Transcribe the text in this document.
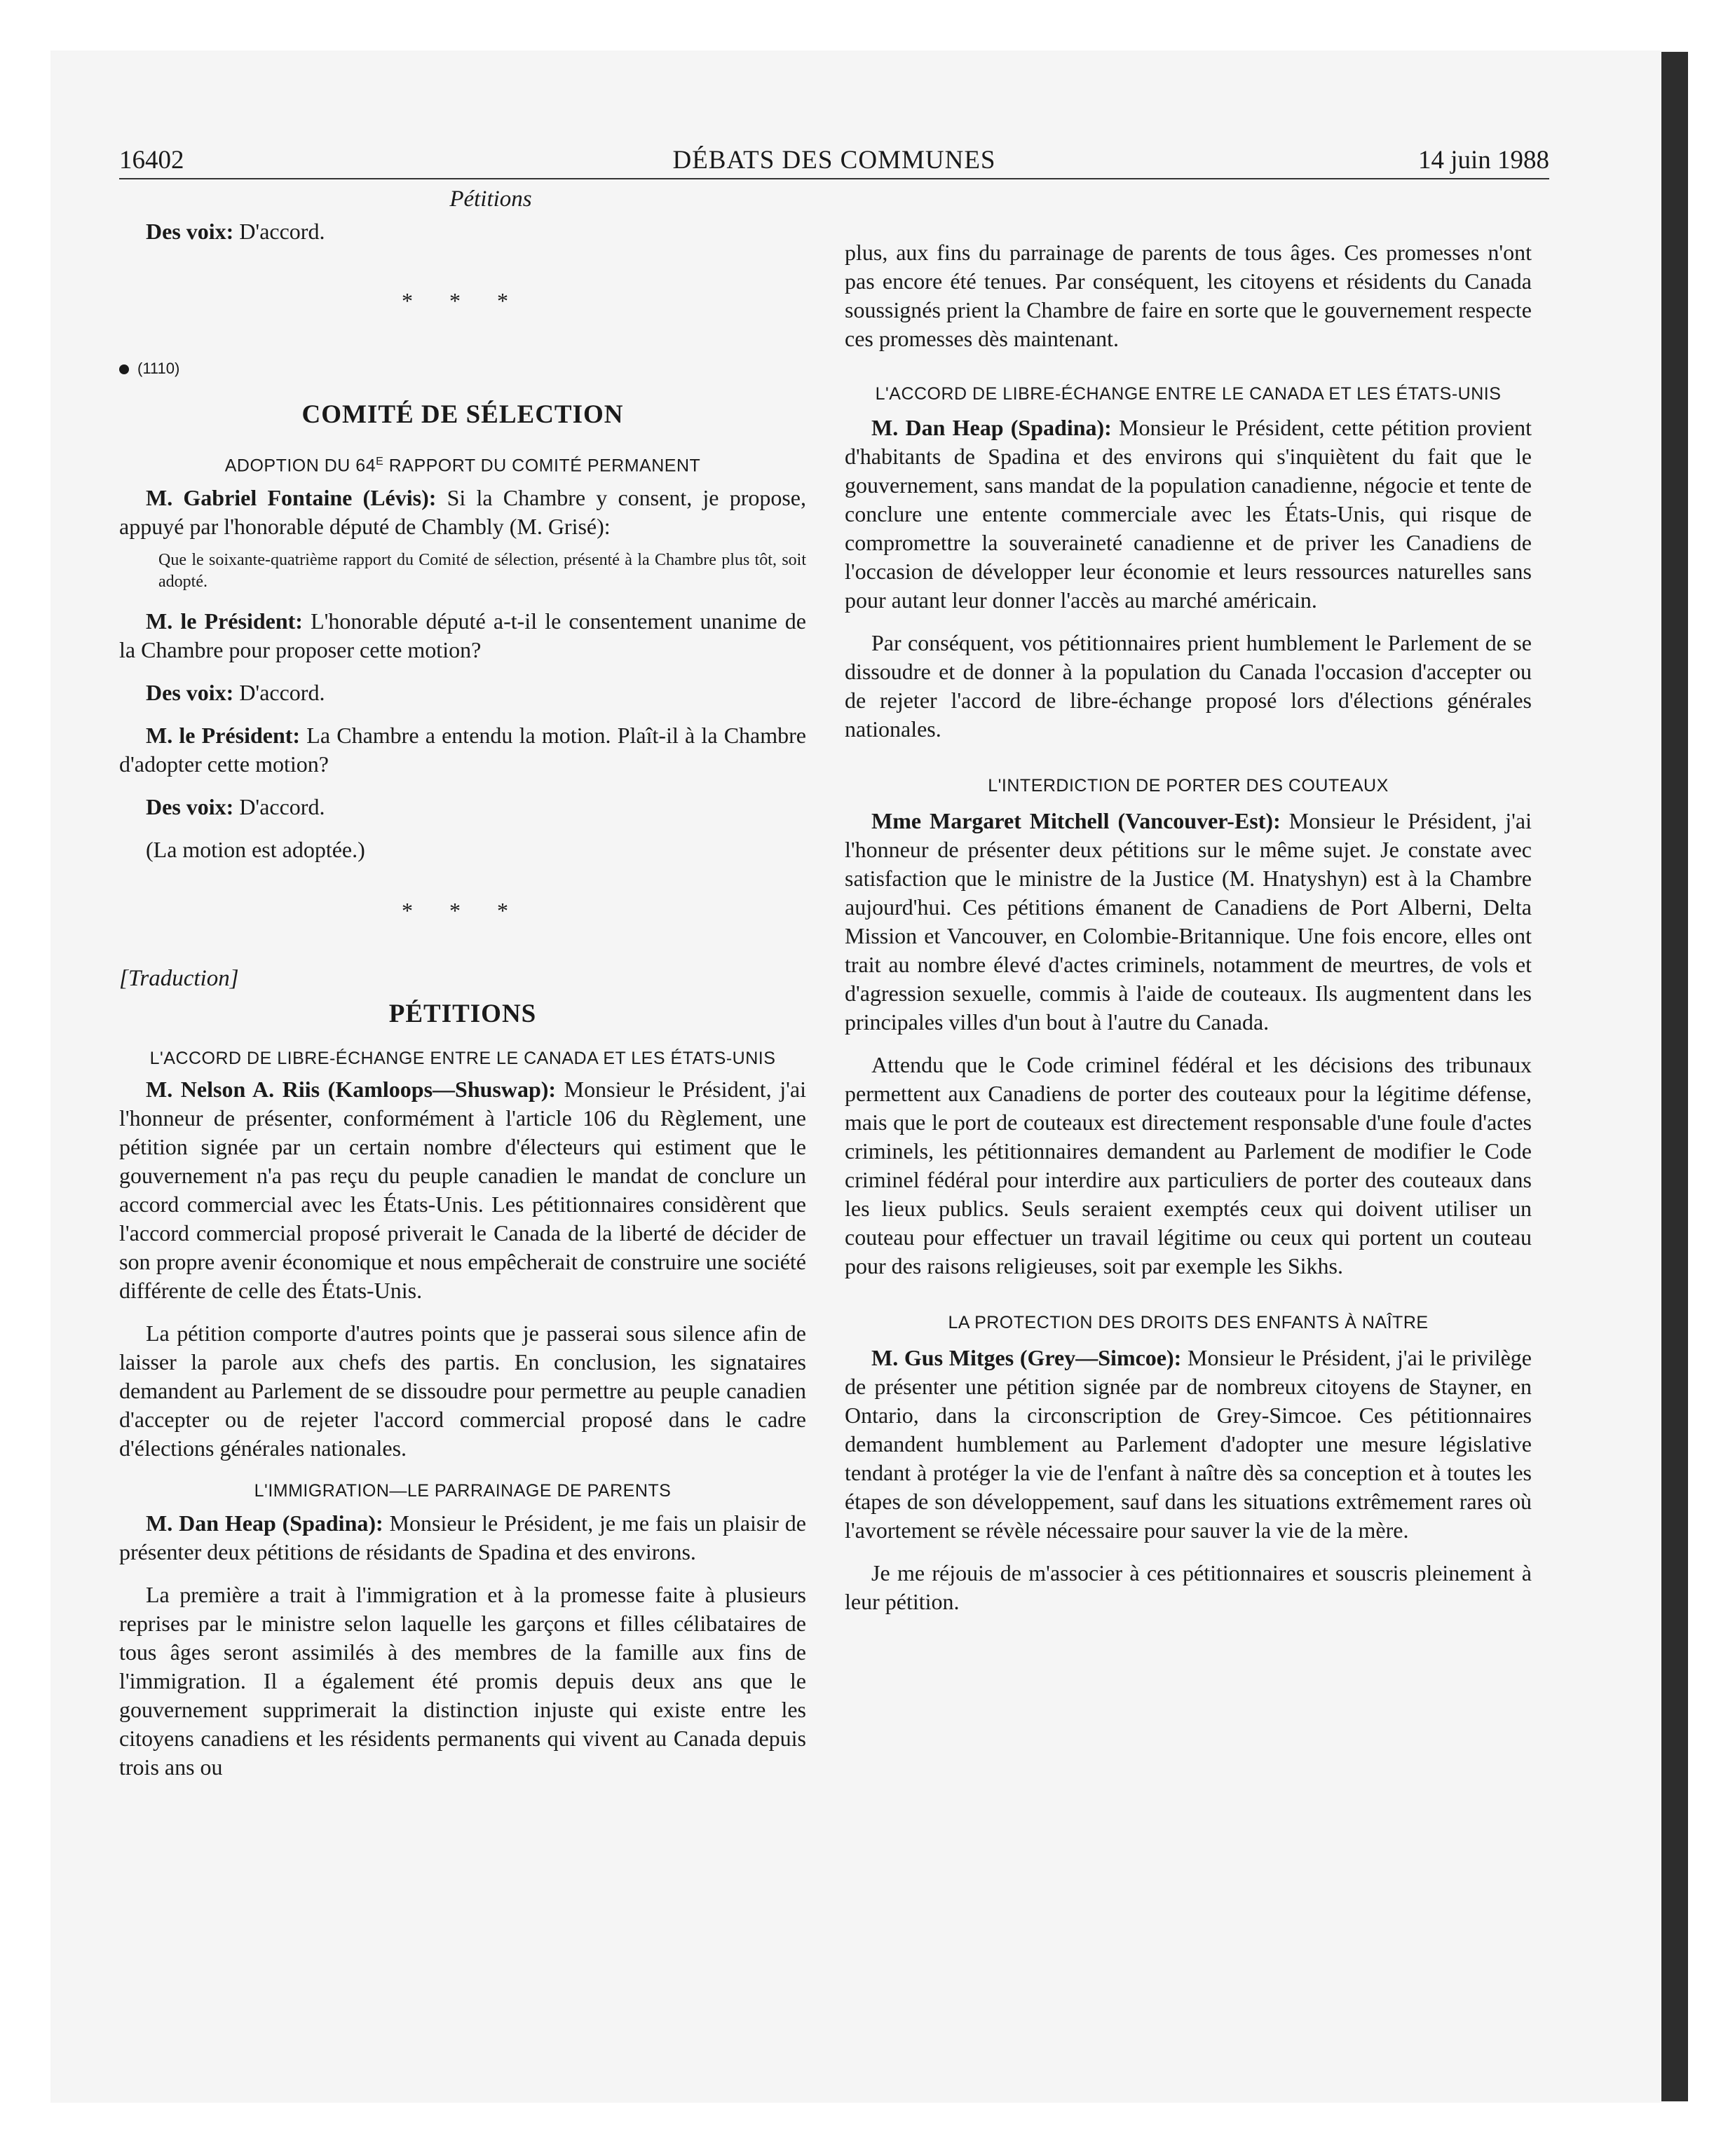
16402	DÉBATS DES COMMUNES	14 juin 1988
Pétitions

Des voix: D'accord.

* * *
(1110)
COMITÉ DE SÉLECTION
ADOPTION DU $64^E$ RAPPORT DU COMITÉ PERMANENT

M. Gabriel Fontaine (Lévis): Si la Chambre y consent, je propose, appuyé par l'honorable député de Chambly (M. Grisé):

Que le soixante-quatrième rapport du Comité de sélection, présenté à la Chambre plus tôt, soit adopté.

M. le Président: L'honorable député a-t-il le consentement unanime de la Chambre pour proposer cette motion?

Des voix: D'accord.

M. le Président: La Chambre a entendu la motion. Plaît-il à la Chambre d'adopter cette motion?

Des voix: D'accord.

(La motion est adoptée.)

* * *
[Traduction]
PÉTITIONS
L'ACCORD DE LIBRE-ÉCHANGE ENTRE LE CANADA ET LES ÉTATS-UNIS

M. Nelson A. Riis (Kamloops—Shuswap): Monsieur le Président, j'ai l'honneur de présenter, conformément à l'article 106 du Règlement, une pétition signée par un certain nombre d'électeurs qui estiment que le gouvernement n'a pas reçu du peuple canadien le mandat de conclure un accord commercial avec les États-Unis. Les pétitionnaires considèrent que l'accord commercial proposé priverait le Canada de la liberté de décider de son propre avenir économique et nous empêcherait de construire une société différente de celle des États-Unis.

La pétition comporte d'autres points que je passerai sous silence afin de laisser la parole aux chefs des partis. En conclusion, les signataires demandent au Parlement de se dissoudre pour permettre au peuple canadien d'accepter ou de rejeter l'accord commercial proposé dans le cadre d'élections générales nationales.

L'IMMIGRATION—LE PARRAINAGE DE PARENTS

M. Dan Heap (Spadina): Monsieur le Président, je me fais un plaisir de présenter deux pétitions de résidants de Spadina et des environs.

La première a trait à l'immigration et à la promesse faite à plusieurs reprises par le ministre selon laquelle les garçons et filles célibataires de tous âges seront assimilés à des membres de la famille aux fins de l'immigration. Il a également été promis depuis deux ans que le gouvernement supprimerait la distinction injuste qui existe entre les citoyens canadiens et les résidents permanents qui vivent au Canada depuis trois ans ou

plus, aux fins du parrainage de parents de tous âges. Ces promesses n'ont pas encore été tenues. Par conséquent, les citoyens et résidents du Canada soussignés prient la Chambre de faire en sorte que le gouvernement respecte ces promesses dès maintenant.

L'ACCORD DE LIBRE-ÉCHANGE ENTRE LE CANADA ET LES ÉTATS-UNIS

M. Dan Heap (Spadina): Monsieur le Président, cette pétition provient d'habitants de Spadina et des environs qui s'inquiètent du fait que le gouvernement, sans mandat de la population canadienne, négocie et tente de conclure une entente commerciale avec les États-Unis, qui risque de compromettre la souveraineté canadienne et de priver les Canadiens de l'occasion de développer leur économie et leurs ressources naturelles sans pour autant leur donner l'accès au marché américain.

Par conséquent, vos pétitionnaires prient humblement le Parlement de se dissoudre et de donner à la population du Canada l'occasion d'accepter ou de rejeter l'accord de libre-échange proposé lors d'élections générales nationales.

L'INTERDICTION DE PORTER DES COUTEAUX

Mme Margaret Mitchell (Vancouver-Est): Monsieur le Président, j'ai l'honneur de présenter deux pétitions sur le même sujet. Je constate avec satisfaction que le ministre de la Justice (M. Hnatyshyn) est à la Chambre aujourd'hui. Ces pétitions émanent de Canadiens de Port Alberni, Delta Mission et Vancouver, en Colombie-Britannique. Une fois encore, elles ont trait au nombre élevé d'actes criminels, notamment de meurtres, de vols et d'agression sexuelle, commis à l'aide de couteaux. Ils augmentent dans les principales villes d'un bout à l'autre du Canada.

Attendu que le Code criminel fédéral et les décisions des tribunaux permettent aux Canadiens de porter des couteaux pour la légitime défense, mais que le port de couteaux est directement responsable d'une foule d'actes criminels, les pétitionnaires demandent au Parlement de modifier le Code criminel fédéral pour interdire aux particuliers de porter des couteaux dans les lieux publics. Seuls seraient exemptés ceux qui doivent utiliser un couteau pour effectuer un travail légitime ou ceux qui portent un couteau pour des raisons religieuses, soit par exemple les Sikhs.

LA PROTECTION DES DROITS DES ENFANTS À NAÎTRE

M. Gus Mitges (Grey—Simcoe): Monsieur le Président, j'ai le privilège de présenter une pétition signée par de nombreux citoyens de Stayner, en Ontario, dans la circonscription de Grey-Simcoe. Ces pétitionnaires demandent humblement au Parlement d'adopter une mesure législative tendant à protéger la vie de l'enfant à naître dès sa conception et à toutes les étapes de son développement, sauf dans les situations extrêmement rares où l'avortement se révèle nécessaire pour sauver la vie de la mère.

Je me réjouis de m'associer à ces pétitionnaires et souscris pleinement à leur pétition.
